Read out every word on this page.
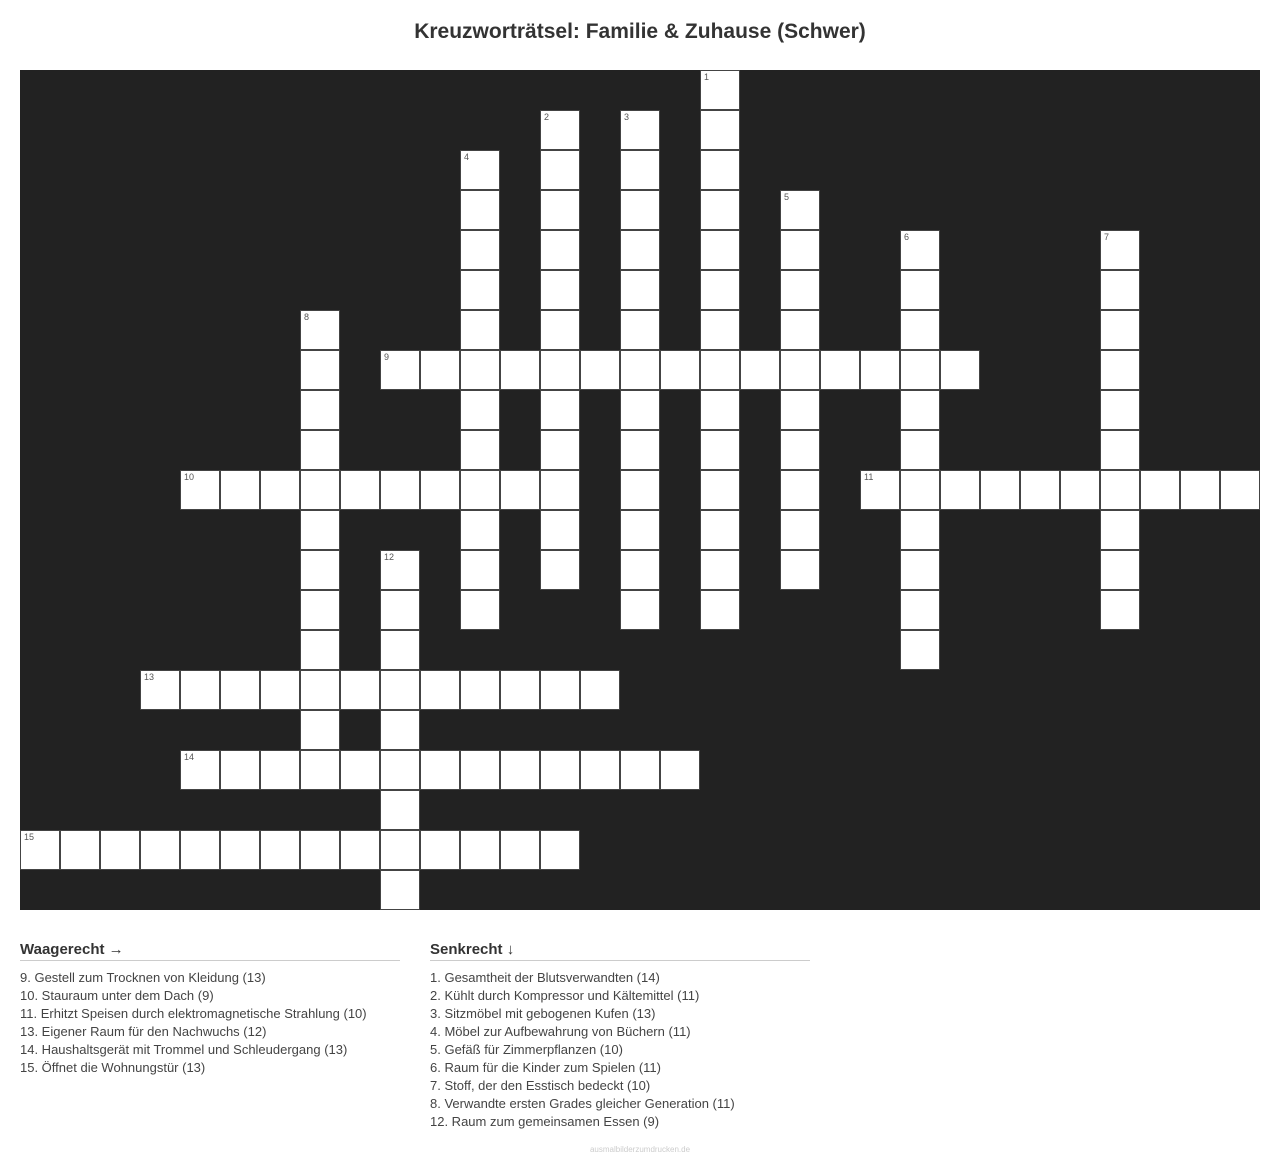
Kreuzworträtsel: Familie & Zuhause (Schwer)
1
2	3
4
5
6	7
8
9
10	11
12
13
14
15
Waagerecht →
9. Gestell zum Trocknen von Kleidung (13)
10. Stauraum unter dem Dach (9)
11. Erhitzt Speisen durch elektromagnetische Strahlung (10)
13. Eigener Raum für den Nachwuchs (12)
14. Haushaltsgerät mit Trommel und Schleudergang (13)
15. Öffnet die Wohnungstür (13)
Senkrecht ↓
1. Gesamtheit der Blutsverwandten (14)
2. Kühlt durch Kompressor und Kältemittel (11)
3. Sitzmöbel mit gebogenen Kufen (13)
4. Möbel zur Aufbewahrung von Büchern (11)
5. Gefäß für Zimmerpflanzen (10)
6. Raum für die Kinder zum Spielen (11)
7. Stoff, der den Esstisch bedeckt (10)
8. Verwandte ersten Grades gleicher Generation (11)
12. Raum zum gemeinsamen Essen (9)
ausmalbilderzumdrucken.de
